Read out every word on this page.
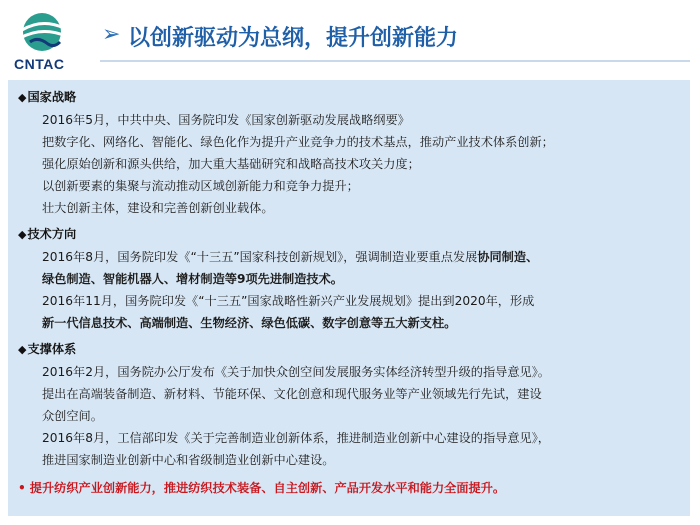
CNTAC
➢ 以创新驱动为总纲，提升创新能力
◆国家战略
2016年5月，中共中央、国务院印发《国家创新驱动发展战略纲要》
把数字化、网络化、智能化、绿色化作为提升产业竞争力的技术基点，推动产业技术体系创新；
强化原始创新和源头供给，加大重大基础研究和战略高技术攻关力度；
以创新要素的集聚与流动推动区域创新能力和竞争力提升；
壮大创新主体，建设和完善创新创业载体。
◆技术方向
2016年8月，国务院印发《“十三五”国家科技创新规划》，强调制造业要重点发展协同制造、
绿色制造、智能机器人、增材制造等9项先进制造技术。
2016年11月，国务院印发《“十三五”国家战略性新兴产业发展规划》提出到2020年，形成
新一代信息技术、高端制造、生物经济、绿色低碳、数字创意等五大新支柱。
◆支撑体系
2016年2月，国务院办公厅发布《关于加快众创空间发展服务实体经济转型升级的指导意见》。
提出在高端装备制造、新材料、节能环保、文化创意和现代服务业等产业领域先行先试，建设
众创空间。
2016年8月，工信部印发《关于完善制造业创新体系，推进制造业创新中心建设的指导意见》，
推进国家制造业创新中心和省级制造业创新中心建设。
• 提升纺织产业创新能力，推进纺织技术装备、自主创新、产品开发水平和能力全面提升。
